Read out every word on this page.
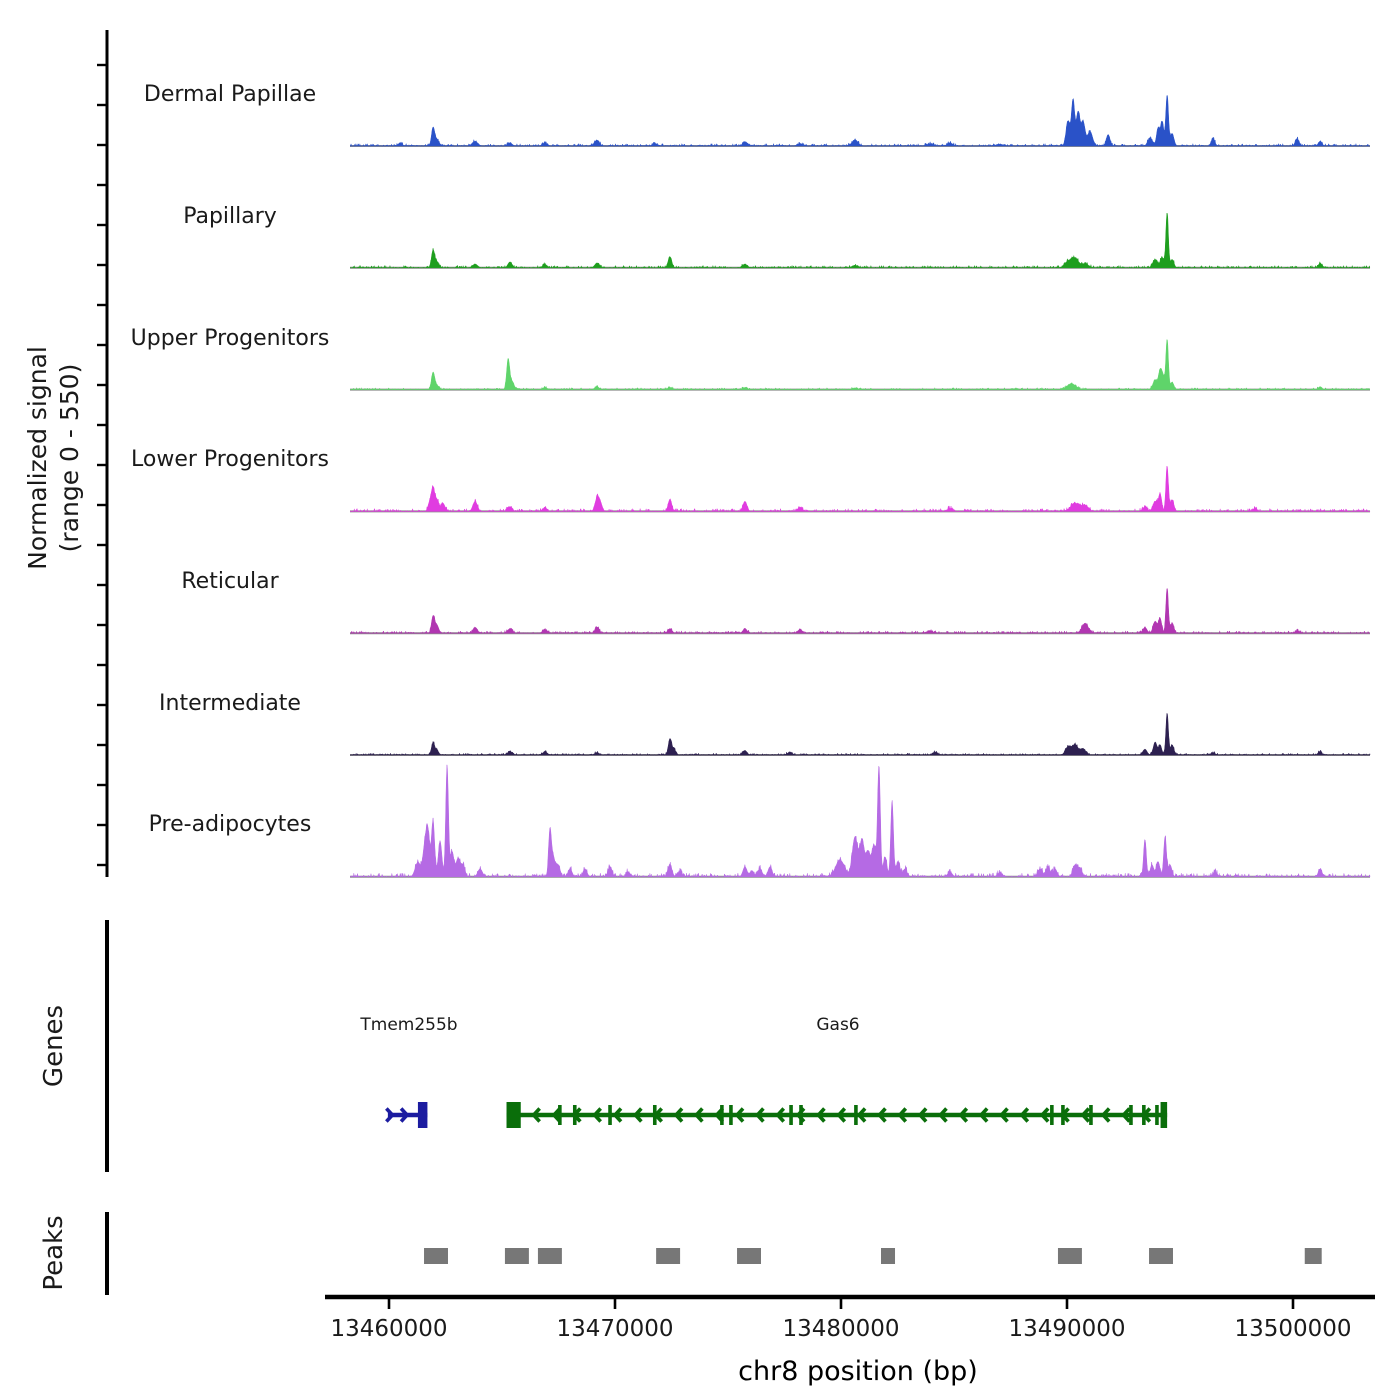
Normalized signal (range 0 - 550)
Dermal Papillae
Papillary
Upper Progenitors
Lower Progenitors
Reticular
Intermediate
Pre-adipocytes
Genes	Tmem255b	Gas6
Peaks
13460000	13470000	13480000	13490000	13500000
chr8 position (bp)
